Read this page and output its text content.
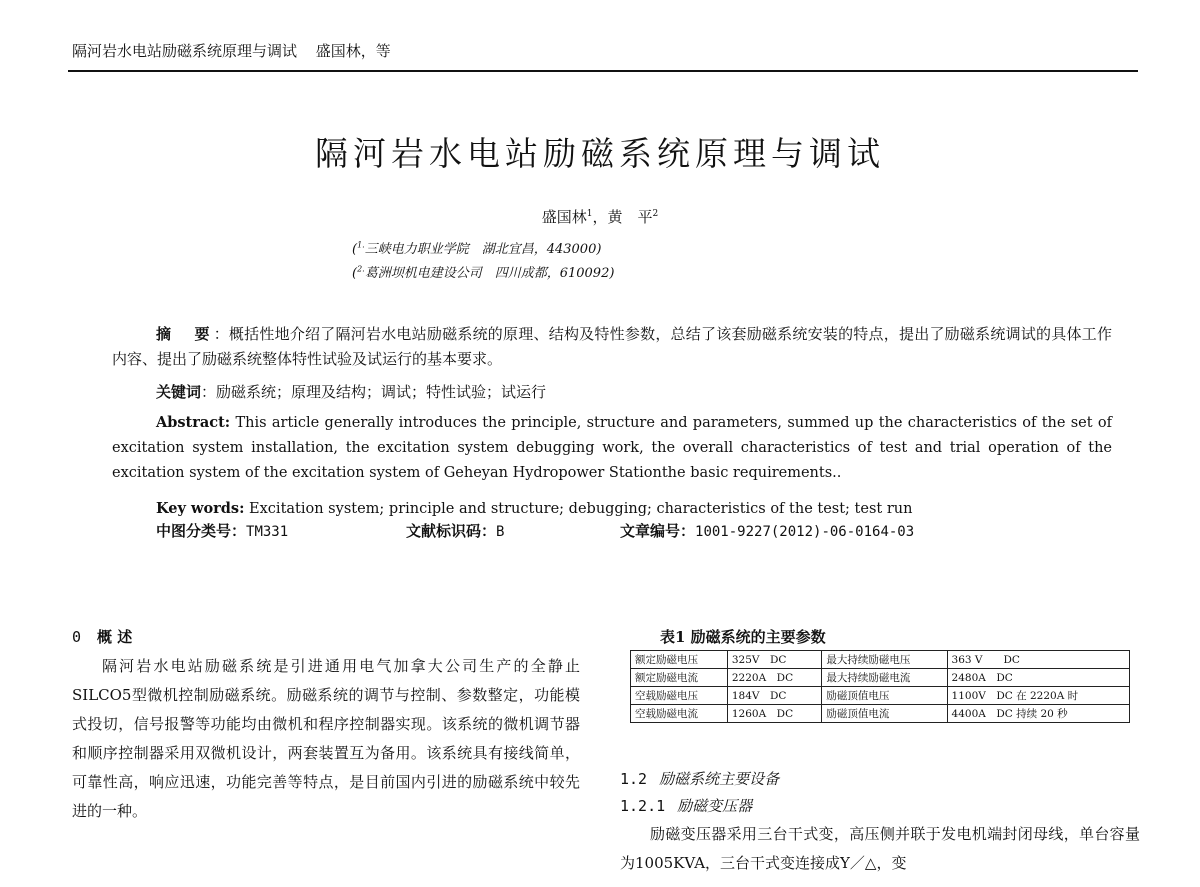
隔河岩水电站励磁系统原理与调试 盛国林，等
隔河岩水电站励磁系统原理与调试
盛国林$^1$，黄　平$^2$
($^{1.}$三峡电力职业学院　湖北宜昌，443000)
($^{2.}$葛洲坝机电建设公司　四川成都，610092)
摘　要：概括性地介绍了隔河岩水电站励磁系统的原理、结构及特性参数，总结了该套励磁系统安装的特点，提出了励磁系统调试的具体工作内容、提出了励磁系统整体特性试验及试运行的基本要求。
关键词：励磁系统；原理及结构；调试；特性试验；试运行
Abstract: This article generally introduces the principle, structure and parameters, summed up the characteristics of the set of excitation system installation, the excitation system debugging work, the overall characteristics of test and trial operation of the excitation system of the excitation system of Geheyan Hydropower Stationthe basic requirements..
Key words: Excitation system; principle and structure; debugging; characteristics of the test; test run
中图分类号：TM331	文献标识码：B	文章编号：1001-9227(2012)-06-0164-03
0 概 述
隔河岩水电站励磁系统是引进通用电气加拿大公司生产的全静止SILCO5型微机控制励磁系统。励磁系统的调节与控制、参数整定，功能模式投切，信号报警等功能均由微机和程序控制器实现。该系统的微机调节器和顺序控制器采用双微机设计，两套装置互为备用。该系统具有接线简单，可靠性高，响应迅速，功能完善等特点，是目前国内引进的励磁系统中较先进的一种。
表1 励磁系统的主要参数
额定励磁电压	325V　DC	最大持续励磁电压	363 V　　DC
额定励磁电流	2220A　DC	最大持续励磁电流	2480A　DC
空载励磁电压	184V　DC	励磁顶值电压	1100V　DC 在 2220A 时
空载励磁电流	1260A　DC	励磁顶值电流	4400A　DC 持续 20 秒
1.2 励磁系统主要设备
1.2.1 励磁变压器
励磁变压器采用三台干式变，高压侧并联于发电机端封闭母线，单台容量为1005KVA，三台干式变连接成Y／△，变
